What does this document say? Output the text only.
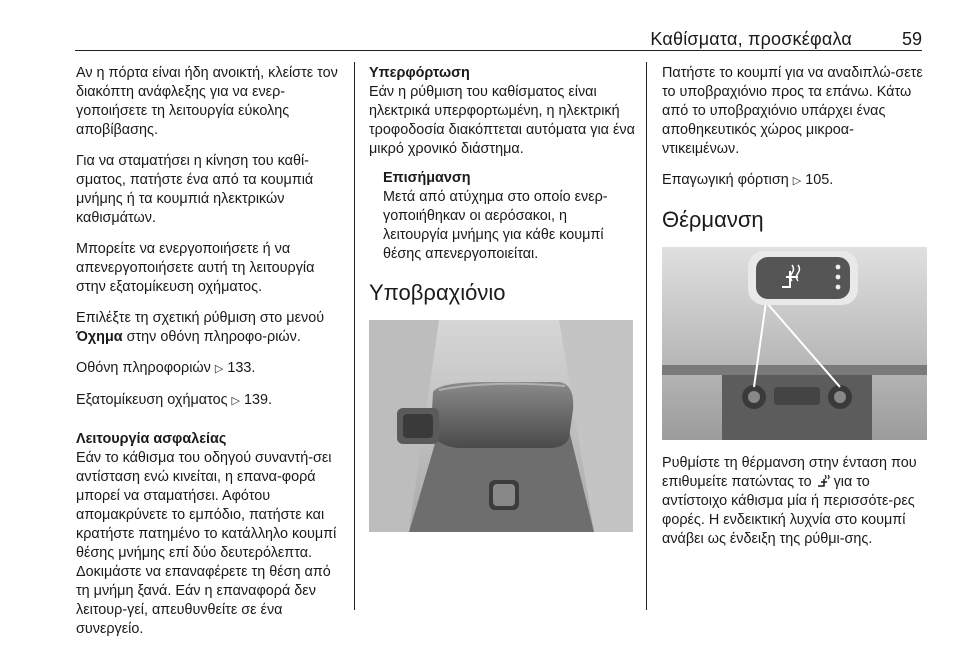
Καθίσματα, προσκέφαλα	59

Αν η πόρτα είναι ήδη ανοικτή, κλείστε τον διακόπτη ανάφλεξης για να ενερ-γοποιήσετε τη λειτουργία εύκολης αποβίβασης.

Για να σταματήσει η κίνηση του καθί-σματος, πατήστε ένα από τα κουμπιά μνήμης ή τα κουμπιά ηλεκτρικών καθισμάτων.

Μπορείτε να ενεργοποιήσετε ή να απενεργοποιήσετε αυτή τη λειτουργία στην εξατομίκευση οχήματος.

Επιλέξτε τη σχετική ρύθμιση στο μενού Όχημα στην οθόνη πληροφο-ριών.

Οθόνη πληροφοριών ▷ 133.

Εξατομίκευση οχήματος ▷ 139.

Λειτουργία ασφαλείας

Εάν το κάθισμα του οδηγού συναντή-σει αντίσταση ενώ κινείται, η επανα-φορά μπορεί να σταματήσει. Αφότου απομακρύνετε το εμπόδιο, πατήστε και κρατήστε πατημένο το κατάλληλο κουμπί θέσης μνήμης επί δύο δευτερόλεπτα. Δοκιμάστε να επαναφέρετε τη θέση από τη μνήμη ξανά. Εάν η επαναφορά δεν λειτουρ-γεί, απευθυνθείτε σε ένα συνεργείο.

Υπερφόρτωση

Εάν η ρύθμιση του καθίσματος είναι ηλεκτρικά υπερφορτωμένη, η ηλεκτρική τροφοδοσία διακόπτεται αυτόματα για ένα μικρό χρονικό διάστημα.

Επισήμανση

Μετά από ατύχημα στο οποίο ενερ-γοποιήθηκαν οι αερόσακοι, η λειτουργία μνήμης για κάθε κουμπί θέσης απενεργοποιείται.

Υποβραχιόνιο

Πατήστε το κουμπί για να αναδιπλώ-σετε το υποβραχιόνιο προς τα επάνω. Κάτω από το υποβραχιόνιο υπάρχει ένας αποθηκευτικός χώρος μικροα-ντικειμένων.

Επαγωγική φόρτιση ▷ 105.

Θέρμανση

Ρυθμίστε τη θέρμανση στην ένταση που επιθυμείτε πατώντας το  για το αντίστοιχο κάθισμα μία ή περισσότε-ρες φορές. Η ενδεικτική λυχνία στο κουμπί ανάβει ως ένδειξη της ρύθμι-σης.
